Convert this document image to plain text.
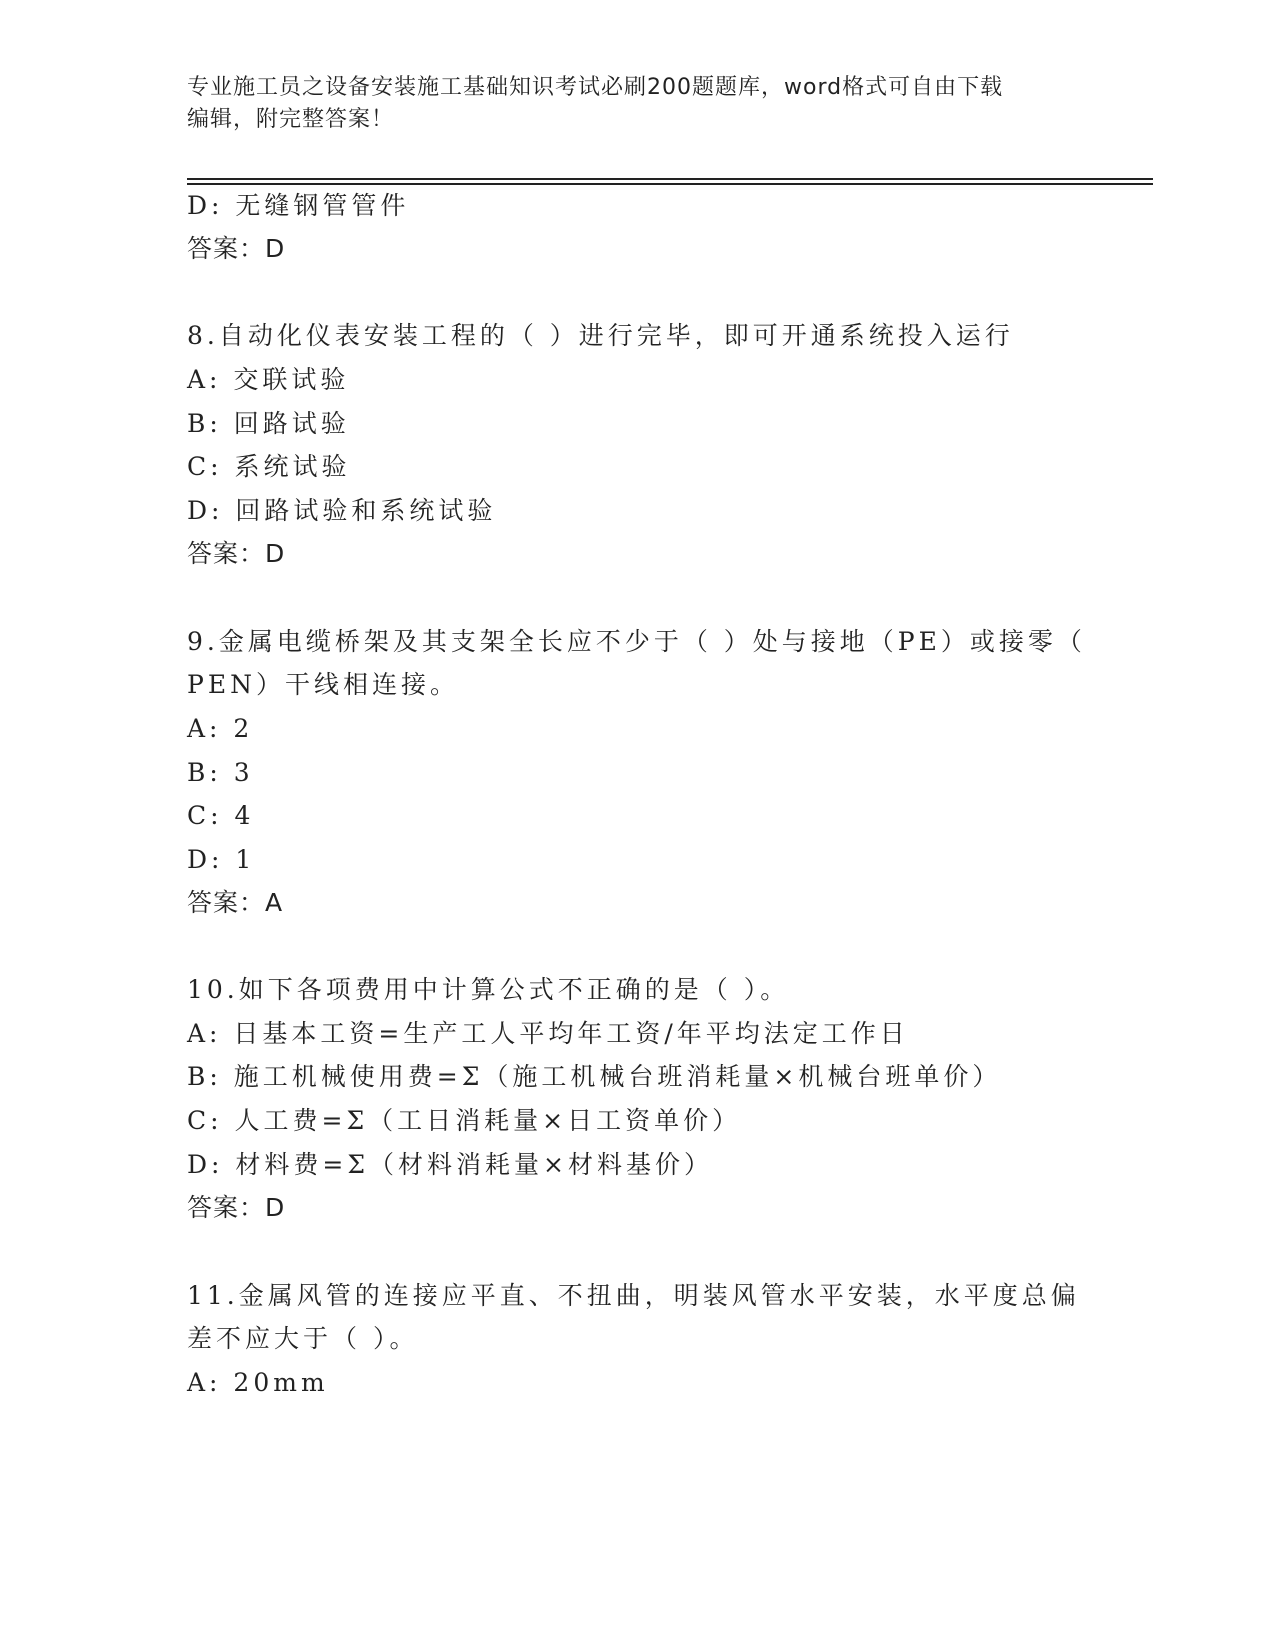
专业施工员之设备安装施工基础知识考试必刷200题题库，word格式可自由下载
编辑，附完整答案！
D: 无缝钢管管件
答案：D
8.自动化仪表安装工程的（ ）进行完毕，即可开通系统投入运行
A: 交联试验
B: 回路试验
C: 系统试验
D: 回路试验和系统试验
答案：D
9.金属电缆桥架及其支架全长应不少于（ ）处与接地（PE）或接零（
PEN）干线相连接。
A: 2
B: 3
C: 4
D: 1
答案：A
10.如下各项费用中计算公式不正确的是（ ）。
A: 日基本工资=生产工人平均年工资/年平均法定工作日
B: 施工机械使用费=Σ（施工机械台班消耗量×机械台班单价）
C: 人工费=Σ（工日消耗量×日工资单价）
D: 材料费=Σ（材料消耗量×材料基价）
答案：D
11.金属风管的连接应平直、不扭曲，明装风管水平安装，水平度总偏
差不应大于（ ）。
A: 20mm
